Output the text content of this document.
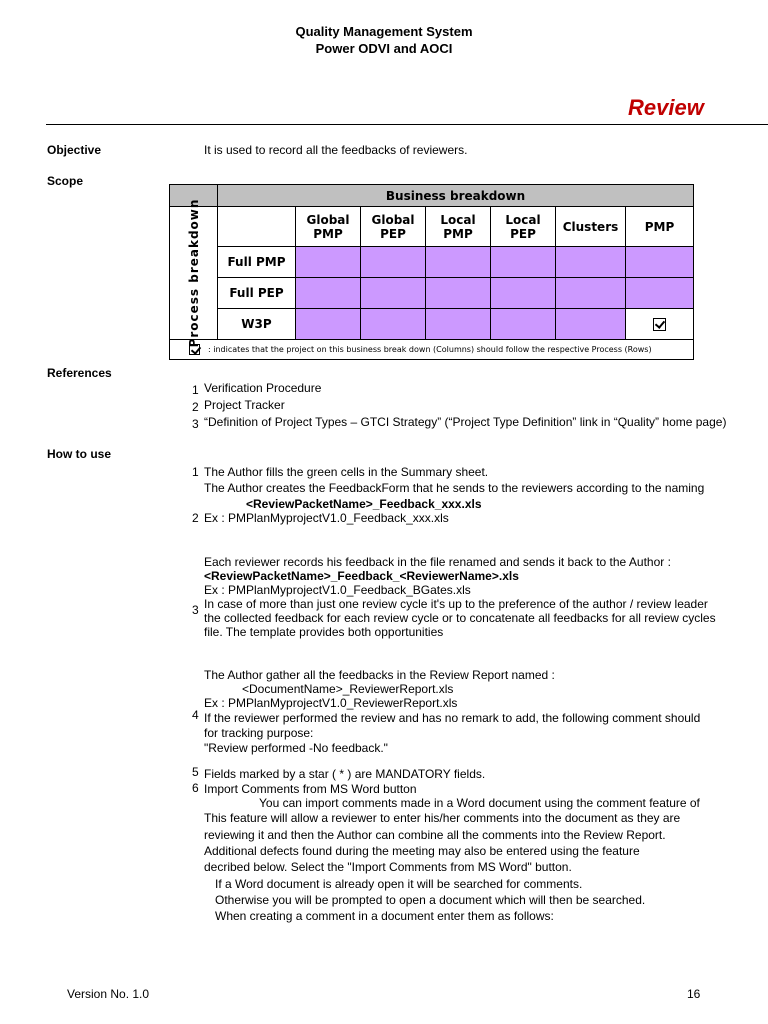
Quality Management System
Power ODVI and AOCI
Review
Objective	It is used to record all the feedbacks of reviewers.
Scope
	Business breakdown						

Process breakdown		Global PMP	Global PEP	Local PMP	Local PEP	Clusters	PMP
	Full PMP						
	Full PEP						
	W3P						

: indicates that the project on this business break down (Columns) should follow the respective Process (Rows)							
References
1 Verification Procedure
2 Project Tracker
3 “Definition of Project Types – GTCI Strategy” (“Project Type Definition” link in “Quality” home page)
How to use
1 The Author fills the green cells in the Summary sheet.
The Author creates the FeedbackForm that he sends to the reviewers according to the naming
<ReviewPacketName>_Feedback_xxx.xls
2 Ex : PMPlanMyprojectV1.0_Feedback_xxx.xls
Each reviewer records his feedback in the file renamed and sends it back to the Author :
<ReviewPacketName>_Feedback_<ReviewerName>.xls
Ex : PMPlanMyprojectV1.0_Feedback_BGates.xls
3 In case of more than just one review cycle it's up to the preference of the author / review leader
the collected feedback for each review cycle or to concatenate all feedbacks for all review cycles
file. The template provides both opportunities
The Author gather all the feedbacks in the Review Report named :
<DocumentName>_ReviewerReport.xls
Ex : PMPlanMyprojectV1.0_ReviewerReport.xls
4 If the reviewer performed the review and has no remark to add, the following comment should
for tracking purpose:
"Review performed -No feedback."
5 Fields marked by a star ( * ) are MANDATORY fields.
6 Import Comments from MS Word button
You can import comments made in a Word document using the comment feature of
This feature will allow a reviewer to enter his/her comments into the document as they are
reviewing it and then the Author can combine all the comments into the Review Report.
Additional defects found during the meeting may also be entered using the feature
decribed below. Select the "Import Comments from MS Word" button.
If a Word document is already open it will be searched for comments.
Otherwise you will be prompted to open a document which will then be searched.
When creating a comment in a document enter them as follows:
Version No. 1.0	16
